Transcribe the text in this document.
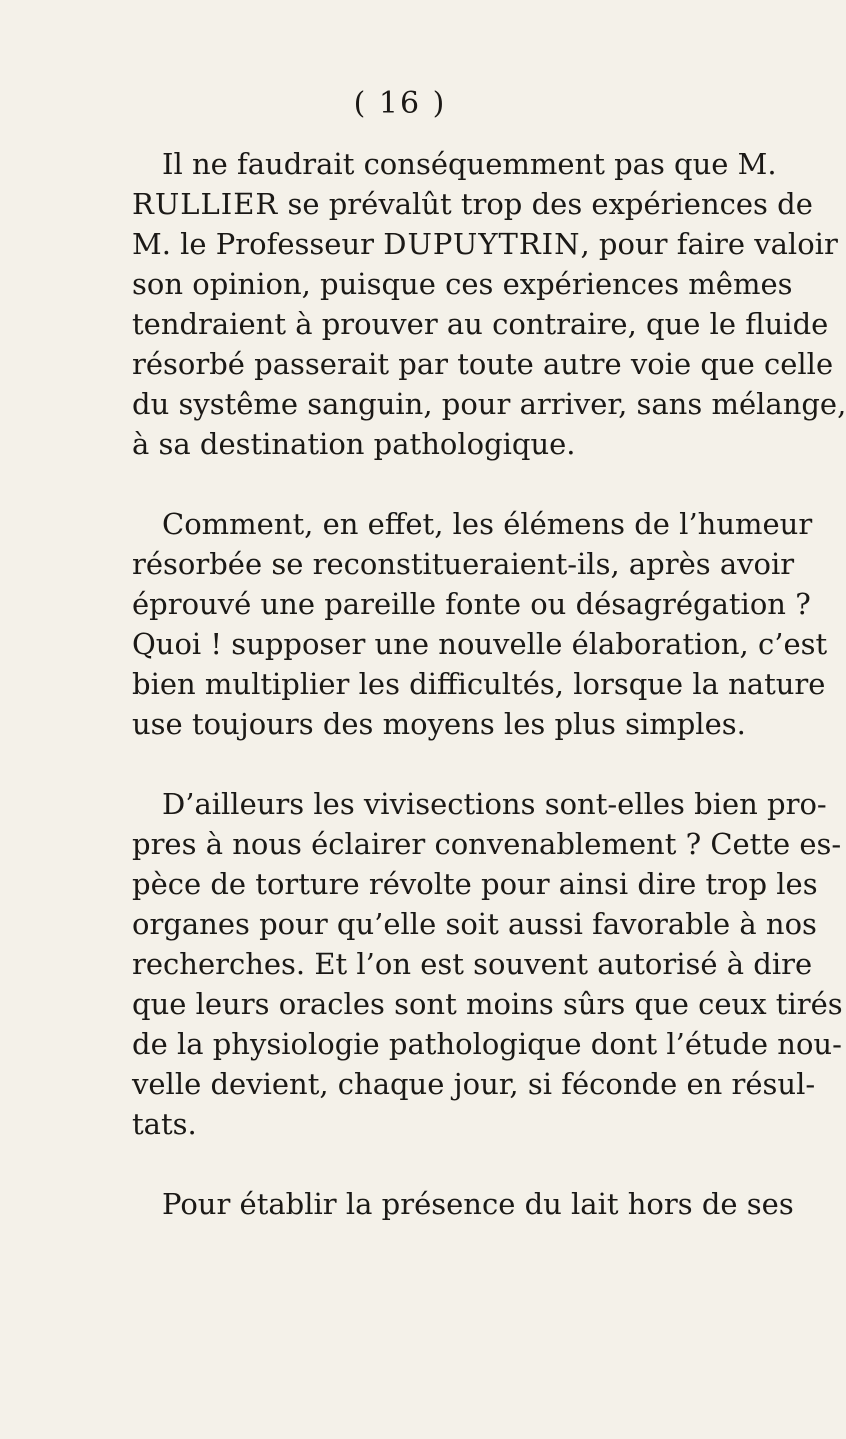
( 16 )
Il ne faudrait conséquemment pas que M.
RULLIER se prévalût trop des expériences de
M. le Professeur DUPUYTRIN, pour faire valoir
son opinion, puisque ces expériences mêmes
tendraient à prouver au contraire, que le fluide
résorbé passerait par toute autre voie que celle
du systême sanguin, pour arriver, sans mélange,
à sa destination pathologique.
Comment, en effet, les élémens de l’humeur
résorbée se reconstitueraient-ils, après avoir
éprouvé une pareille fonte ou désagrégation ?
Quoi ! supposer une nouvelle élaboration, c’est
bien multiplier les difficultés, lorsque la nature
use toujours des moyens les plus simples.
D’ailleurs les vivisections sont-elles bien pro-
pres à nous éclairer convenablement ? Cette es-
pèce de torture révolte pour ainsi dire trop les
organes pour qu’elle soit aussi favorable à nos
recherches. Et l’on est souvent autorisé à dire
que leurs oracles sont moins sûrs que ceux tirés
de la physiologie pathologique dont l’étude nou-
velle devient, chaque jour, si féconde en résul-
tats.
Pour établir la présence du lait hors de ses
